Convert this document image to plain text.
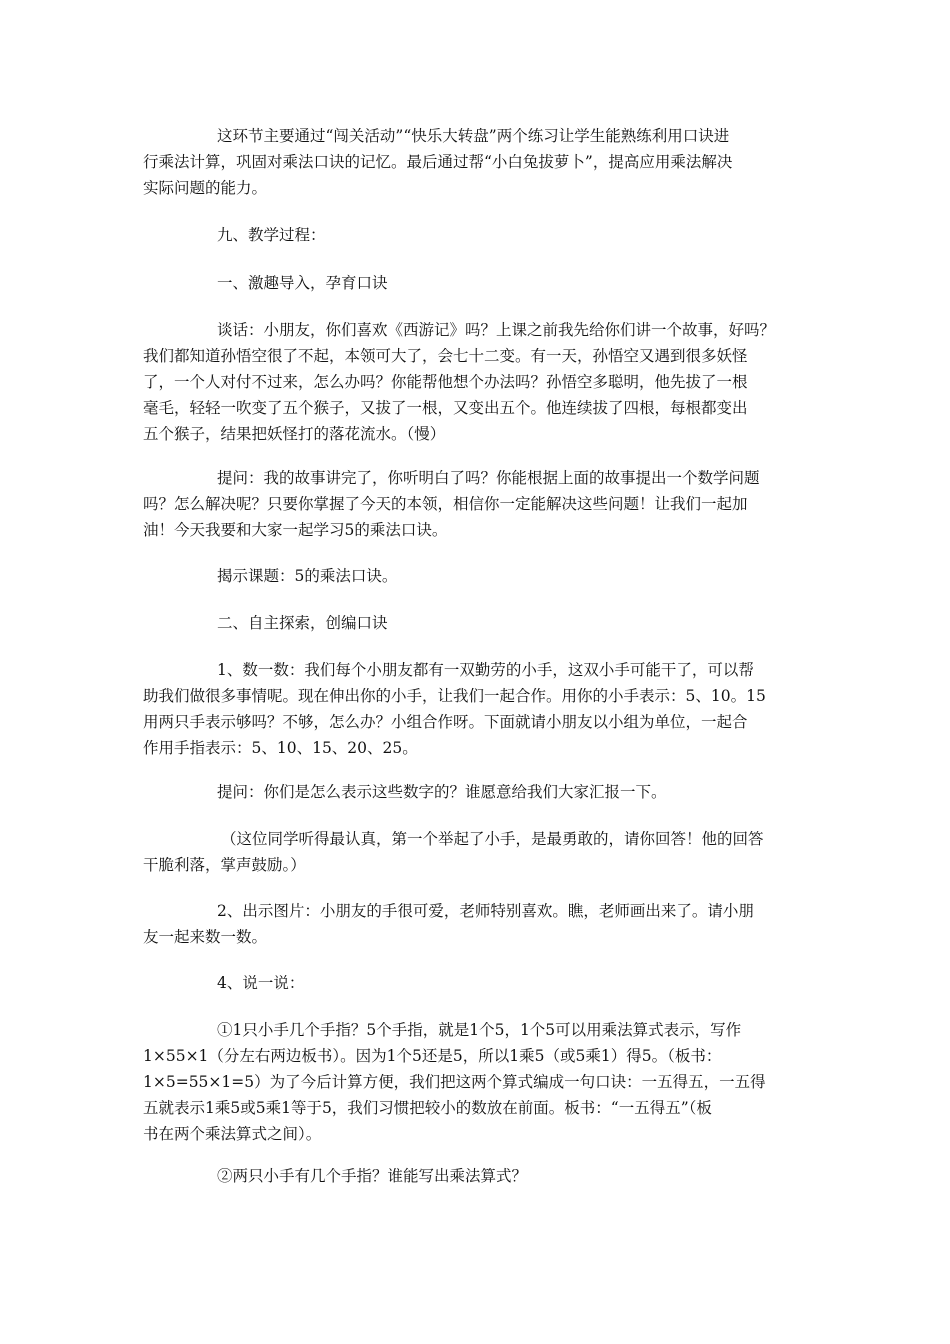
这环节主要通过“闯关活动”“快乐大转盘”两个练习让学生能熟练利用口诀进
行乘法计算，巩固对乘法口诀的记忆。最后通过帮“小白兔拔萝卜”，提高应用乘法解决
实际问题的能力。
九、教学过程：
一、激趣导入，孕育口诀
谈话：小朋友，你们喜欢《西游记》吗？上课之前我先给你们讲一个故事，好吗？
我们都知道孙悟空很了不起，本领可大了，会七十二变。有一天，孙悟空又遇到很多妖怪
了，一个人对付不过来，怎么办吗？你能帮他想个办法吗？孙悟空多聪明，他先拔了一根
毫毛，轻轻一吹变了五个猴子，又拔了一根，又变出五个。他连续拔了四根，每根都变出
五个猴子，结果把妖怪打的落花流水。（慢）
提问：我的故事讲完了，你听明白了吗？你能根据上面的故事提出一个数学问题
吗？怎么解决呢？只要你掌握了今天的本领，相信你一定能解决这些问题！让我们一起加
油！今天我要和大家一起学习5的乘法口诀。
揭示课题：5的乘法口诀。
二、自主探索，创编口诀
1、数一数：我们每个小朋友都有一双勤劳的小手，这双小手可能干了，可以帮
助我们做很多事情呢。现在伸出你的小手，让我们一起合作。用你的小手表示：5、10。15
用两只手表示够吗？不够，怎么办？小组合作呀。下面就请小朋友以小组为单位，一起合
作用手指表示：5、10、15、20、25。
提问：你们是怎么表示这些数字的？谁愿意给我们大家汇报一下。
（这位同学听得最认真，第一个举起了小手，是最勇敢的，请你回答！他的回答
干脆利落，掌声鼓励。）
2、出示图片：小朋友的手很可爱，老师特别喜欢。瞧，老师画出来了。请小朋
友一起来数一数。
4、说一说：
①1只小手几个手指？5个手指，就是1个5，1个5可以用乘法算式表示，写作
1×55×1（分左右两边板书）。因为1个5还是5，所以1乘5（或5乘1）得5。（板书：
1×5=55×1=5）为了今后计算方便，我们把这两个算式编成一句口诀：一五得五，一五得
五就表示1乘5或5乘1等于5，我们习惯把较小的数放在前面。板书：“一五得五”（板
书在两个乘法算式之间）。
②两只小手有几个手指？谁能写出乘法算式？
